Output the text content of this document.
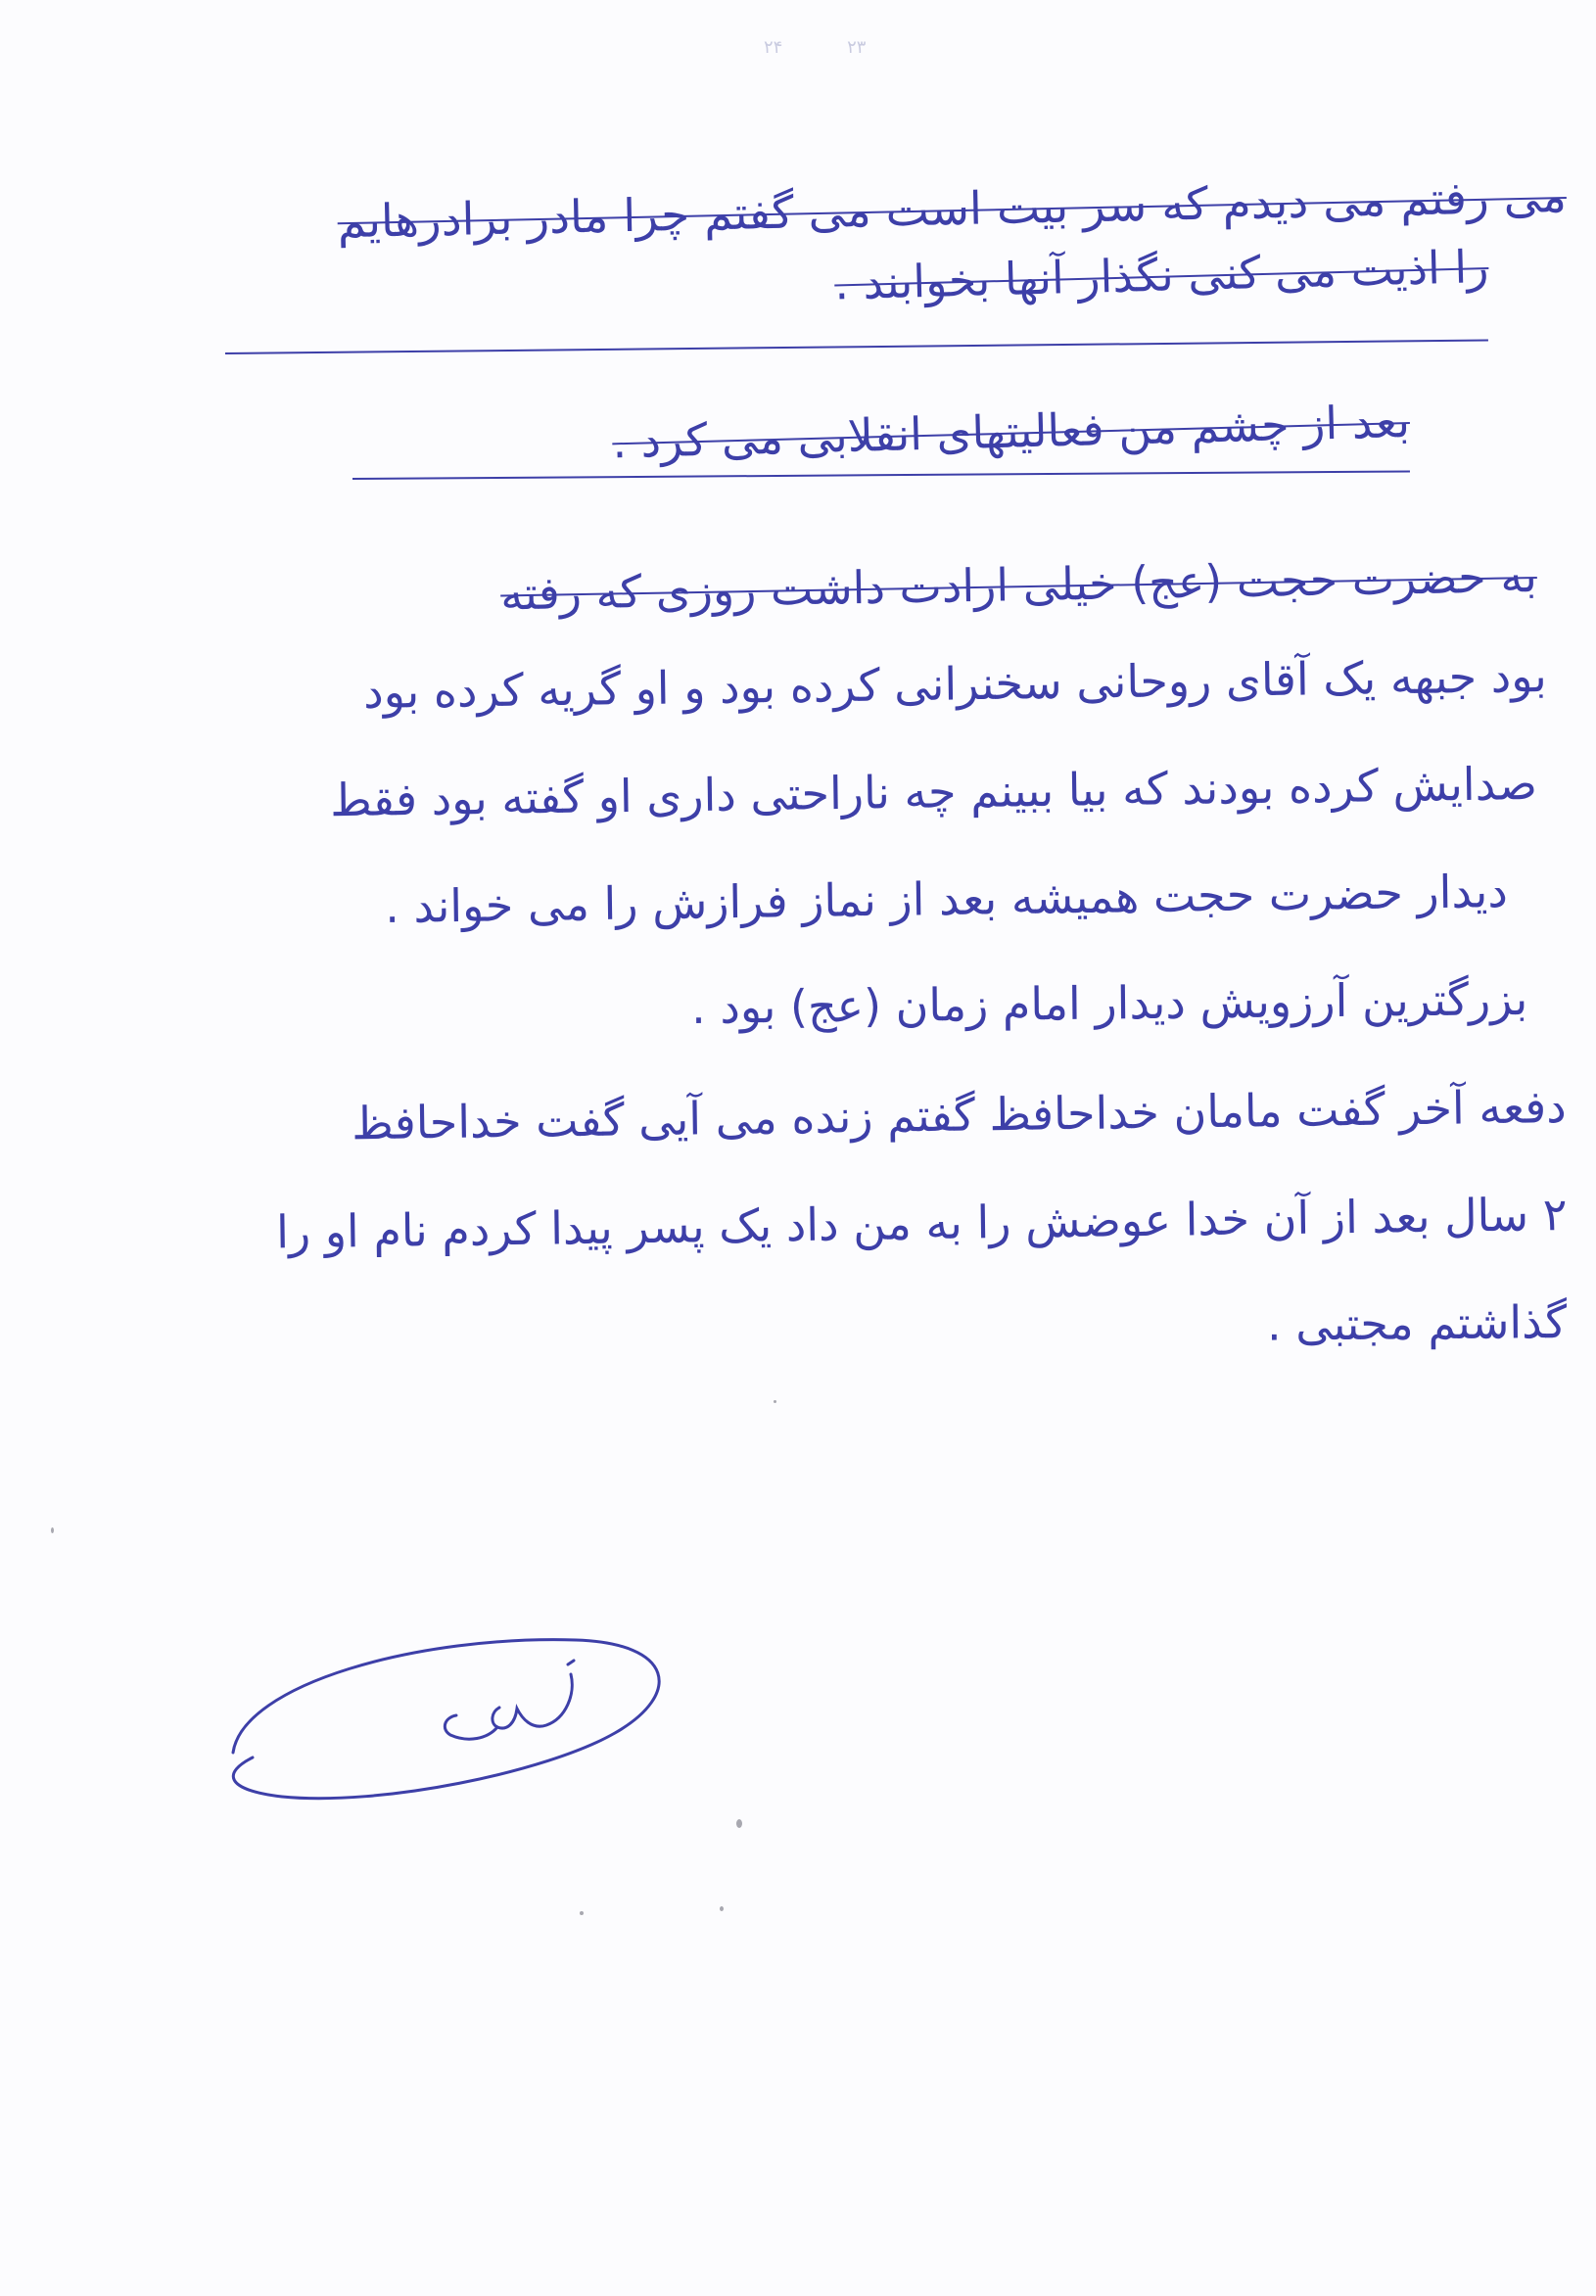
۲۳ ۲۴
می رفتم می دیدم که سر بیت است می گفتم چرا مادر برادرهایم
را اذیت می کنی نگذار آنها بخوابند .
بعد از چشم من فعالیتهای انقلابی می کرد .
به حضرت حجت (عج) خیلی ارادت داشت روزی که رفته
بود جبهه یک آقای روحانی سخنرانی کرده بود و او گریه کرده بود
صدایش کرده بودند که بیا ببینم چه ناراحتی داری او گفته بود فقط
دیدار حضرت حجت همیشه بعد از نماز فرازش را می خواند .
بزرگترین آرزویش دیدار امام زمان (عج) بود .
دفعه آخر گفت مامان خداحافظ گفتم زنده می آیی گفت خداحافظ
۲ سال بعد از آن خدا عوضش را به من داد یک پسر پیدا کردم نام او را
گذاشتم مجتبی .
